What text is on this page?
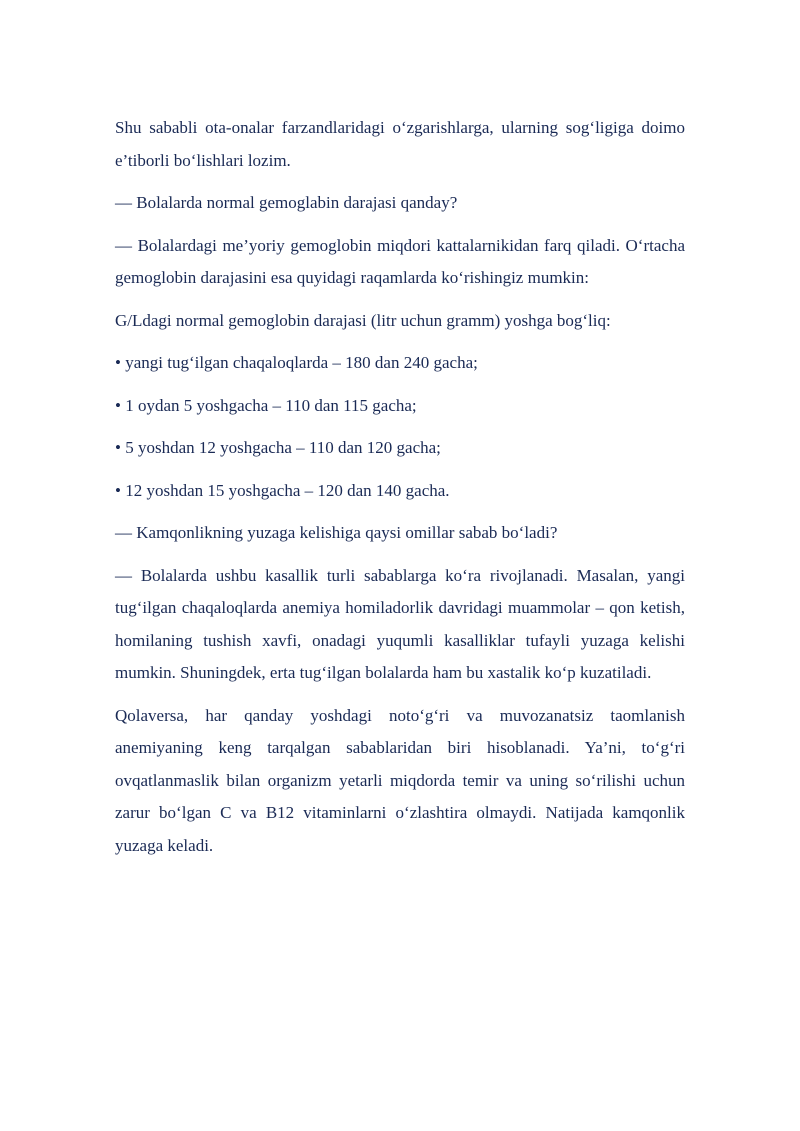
Shu sababli ota-onalar farzandlaridagi o‘zgarishlarga, ularning sog‘ligiga doimo e’tiborli bo‘lishlari lozim.

— Bolalarda normal gemoglabin darajasi qanday?

— Bolalardagi me’yoriy gemoglobin miqdori kattalarnikidan farq qiladi. O‘rtacha gemoglobin darajasini esa quyidagi raqamlarda ko‘rishingiz mumkin:

G/Ldagi normal gemoglobin darajasi (litr uchun gramm) yoshga bog‘liq:

• yangi tug‘ilgan chaqaloqlarda – 180 dan 240 gacha;

• 1 oydan 5 yoshgacha – 110 dan 115 gacha;

• 5 yoshdan 12 yoshgacha – 110 dan 120 gacha;

• 12 yoshdan 15 yoshgacha – 120 dan 140 gacha.

— Kamqonlikning yuzaga kelishiga qaysi omillar sabab bo‘ladi?

— Bolalarda ushbu kasallik turli sabablarga ko‘ra rivojlanadi. Masalan, yangi tug‘ilgan chaqaloqlarda anemiya homiladorlik davridagi muammolar – qon ketish, homilaning tushish xavfi, onadagi yuqumli kasalliklar tufayli yuzaga kelishi mumkin. Shuningdek, erta tug‘ilgan bolalarda ham bu xastalik ko‘p kuzatiladi.

Qolaversa, har qanday yoshdagi noto‘g‘ri va muvozanatsiz taomlanish anemiyaning keng tarqalgan sabablaridan biri hisoblanadi. Ya’ni, to‘g‘ri ovqatlanmaslik bilan organizm yetarli miqdorda temir va uning so‘rilishi uchun zarur bo‘lgan C va B12 vitaminlarni o‘zlashtira olmaydi. Natijada kamqonlik yuzaga keladi.
